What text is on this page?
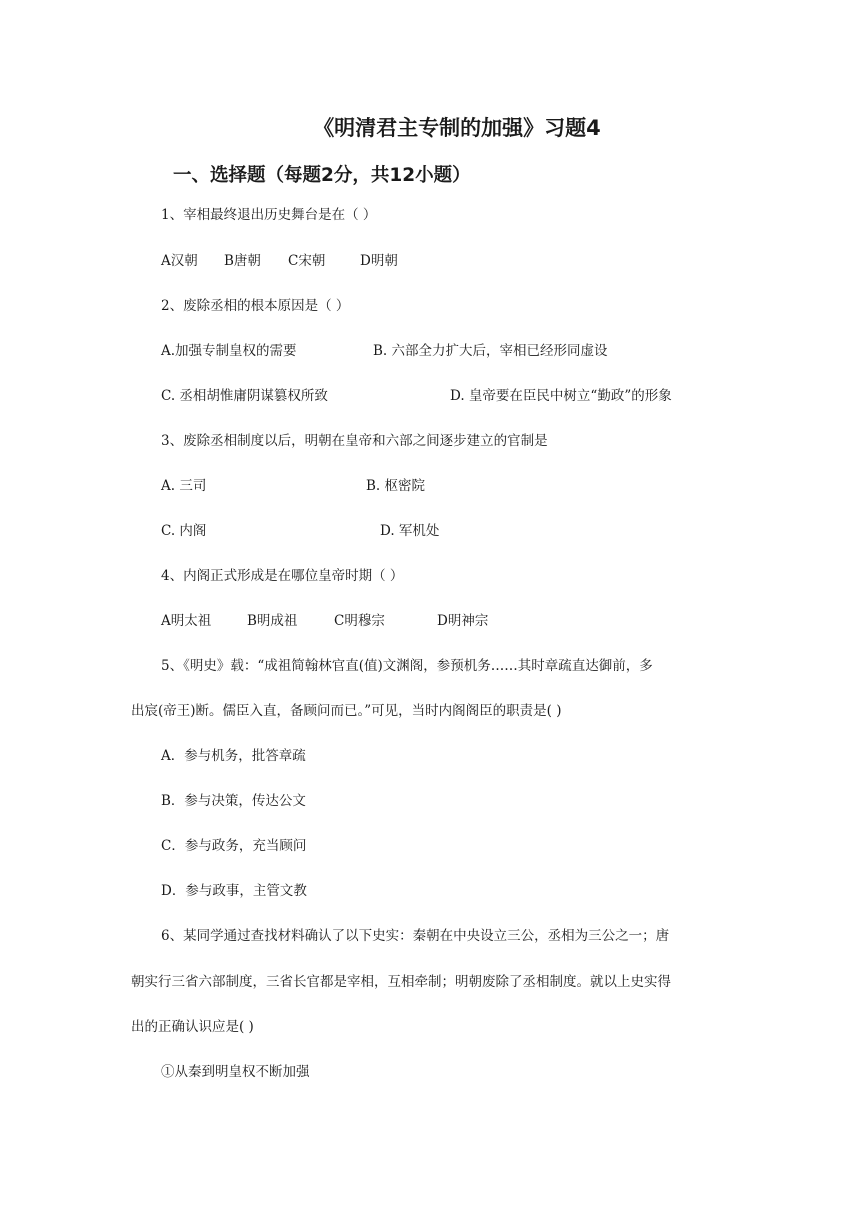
《明清君主专制的加强》习题4
一、选择题（每题2分，共12小题）
1、宰相最终退出历史舞台是在（ ）
A汉朝 B唐朝 C宋朝	D明朝
2、废除丞相的根本原因是（ ）
A.加强专制皇权的需要	B. 六部全力扩大后，宰相已经形同虚设
C. 丞相胡惟庸阴谋篡权所致	D. 皇帝要在臣民中树立“勤政”的形象
3、废除丞相制度以后，明朝在皇帝和六部之间逐步建立的官制是
A. 三司	B. 枢密院
C. 内阁	D. 军机处
4、内阁正式形成是在哪位皇帝时期（ ）
A明太祖	B明成祖	C明穆宗	D明神宗
5、《明史》载：“成祖简翰林官直(值)文渊阁，参预机务……其时章疏直达御前，多
出宸(帝王)断。儒臣入直，备顾问而已。”可见，当时内阁阁臣的职责是( )
A．参与机务，批答章疏
B．参与决策，传达公文
C．参与政务，充当顾问
D．参与政事，主管文教
6、某同学通过查找材料确认了以下史实：秦朝在中央设立三公，丞相为三公之一；唐
朝实行三省六部制度，三省长官都是宰相，互相牵制；明朝废除了丞相制度。就以上史实得
出的正确认识应是( )
①从秦到明皇权不断加强
